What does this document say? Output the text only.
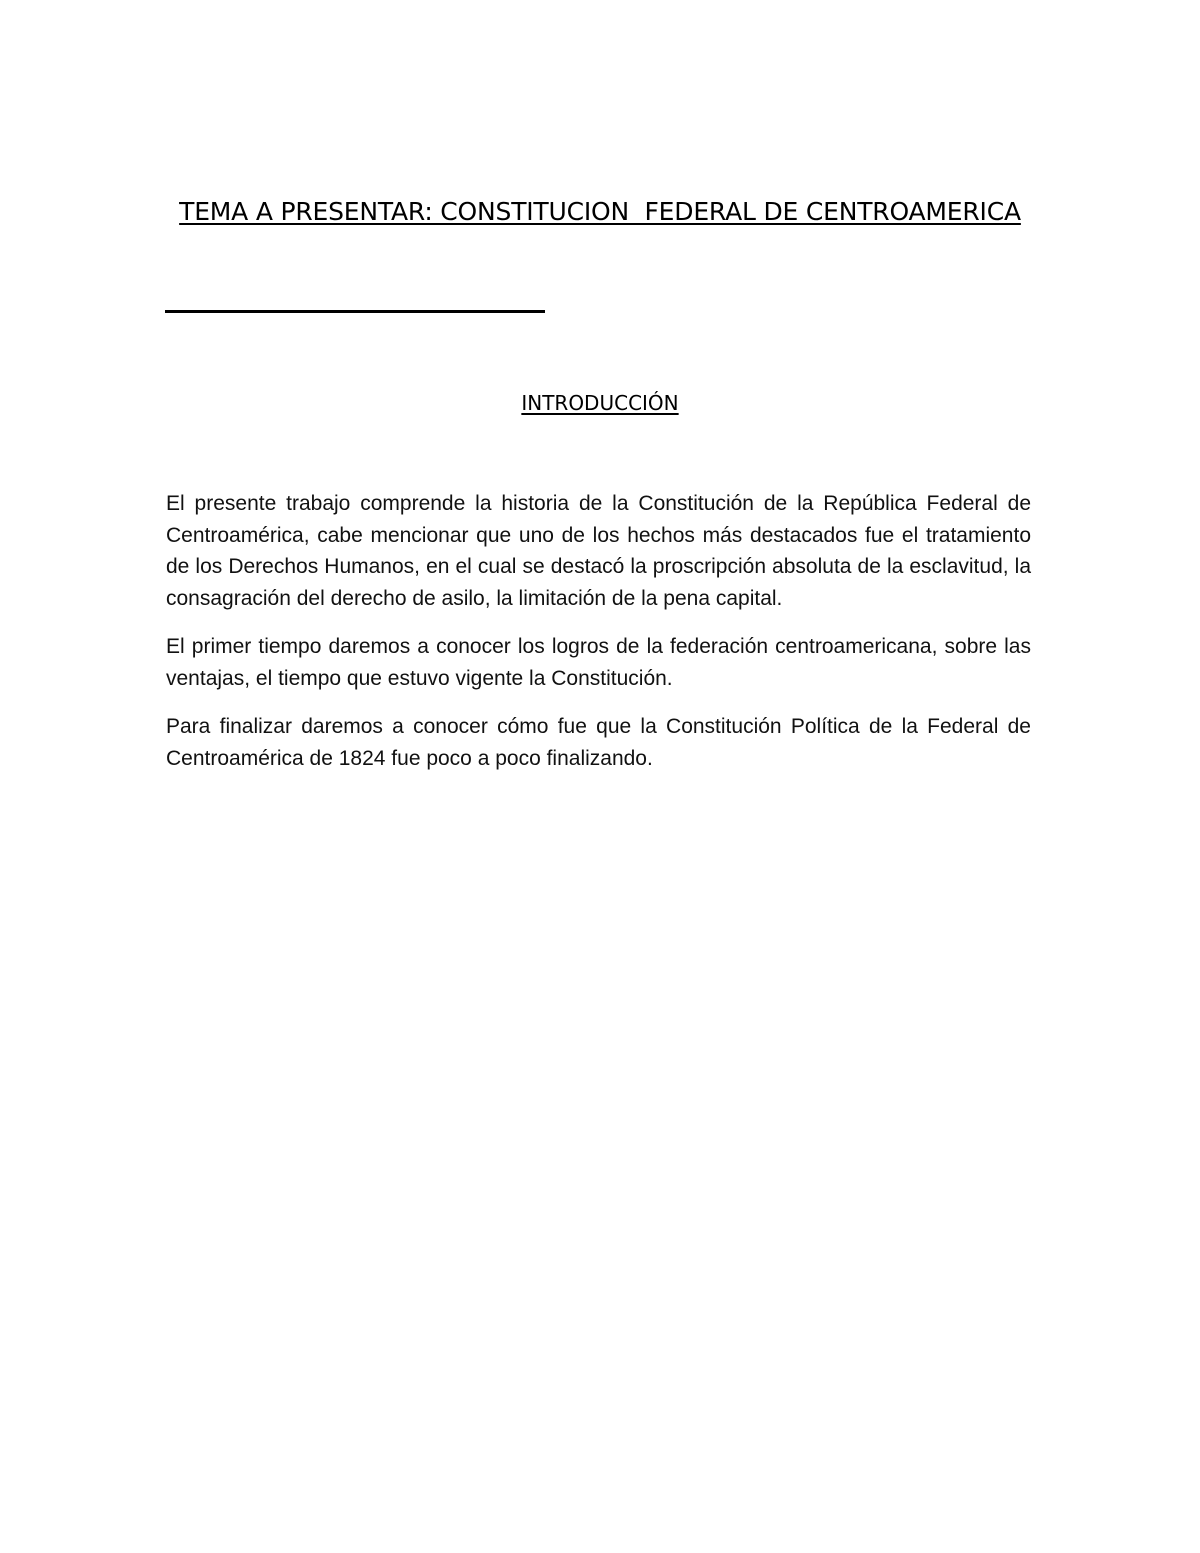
TEMA A PRESENTAR: CONSTITUCION  FEDERAL DE CENTROAMERICA
INTRODUCCIÓN

El presente trabajo comprende la historia de la Constitución de la República Federal de Centroamérica, cabe mencionar que uno de los hechos más destacados fue el tratamiento de los Derechos Humanos, en el cual se destacó la proscripción absoluta de la esclavitud, la consagración del derecho de asilo, la limitación de la pena capital.

El primer tiempo daremos a conocer los logros de la federación centroamericana, sobre las ventajas, el tiempo que estuvo vigente la Constitución.

Para finalizar daremos a conocer cómo fue que la Constitución Política de la Federal de Centroamérica de 1824 fue poco a poco finalizando.
